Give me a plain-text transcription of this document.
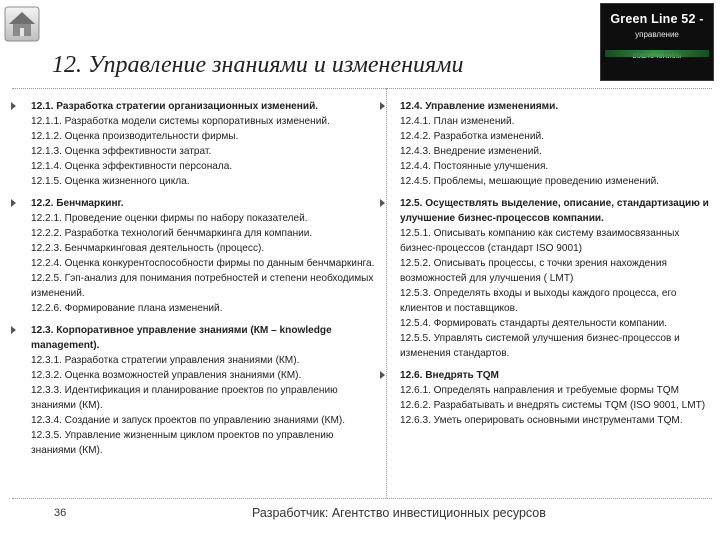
Green Line 52 -
управление
12. Управление знаниями и изменениями

12.1. Разработка стратегии организационных изменений.

12.1.1. Разработка модели системы корпоративных изменений.

12.1.2. Оценка производительности фирмы.

12.1.3. Оценка эффективности затрат.

12.1.4. Оценка эффективности персонала.

12.1.5. Оценка жизненного цикла.

12.2. Бенчмаркинг.

12.2.1. Проведение оценки фирмы по набору показателей.

12.2.2. Разработка технологий бенчмаркинга для компании.

12.2.3. Бенчмаркинговая деятельность (процесс).

12.2.4. Оценка конкурентоспособности фирмы по данным бенчмаркинга.

12.2.5. Гэп-анализ для понимания потребностей и степени необходимых изменений.

12.2.6. Формирование плана изменений.

12.3. Корпоративное управление знаниями (КМ – knowledge management).

12.3.1. Разработка стратегии управления знаниями (КМ).

12.3.2. Оценка возможностей управления знаниями (КМ).

12.3.3. Идентификация и планирование проектов по управлению знаниями (КМ).

12.3.4. Создание и запуск проектов по управлению знаниями (КМ).

12.3.5. Управление жизненным циклом проектов по управлению знаниями (КМ).

12.4. Управление изменениями.

12.4.1. План изменений.

12.4.2. Разработка изменений.

12.4.3. Внедрение изменений.

12.4.4. Постоянные улучшения.

12.4.5. Проблемы, мешающие проведению изменений.

12.5. Осуществлять выделение, описание, стандартизацию и улучшение бизнес-процессов компании.

12.5.1. Описывать компанию как систему взаимосвязанных бизнес-процессов (стандарт ISO 9001)

12.5.2. Описывать процессы, с точки зрения нахождения возможностей для улучшения ( LMT)

12.5.3. Определять входы и выходы каждого процесса, его клиентов и поставщиков.

12.5.4. Формировать стандарты деятельности компании.

12.5.5. Управлять системой улучшения бизнес-процессов и изменения стандартов.

12.6. Внедрять TQM

12.6.1. Определять направления и требуемые формы TQM

12.6.2. Разрабатывать и внедрять системы TQM (ISO 9001, LMT)

12.6.3. Уметь оперировать основными инструментами TQM.

36	Разработчик: Агентство инвестиционных ресурсов
